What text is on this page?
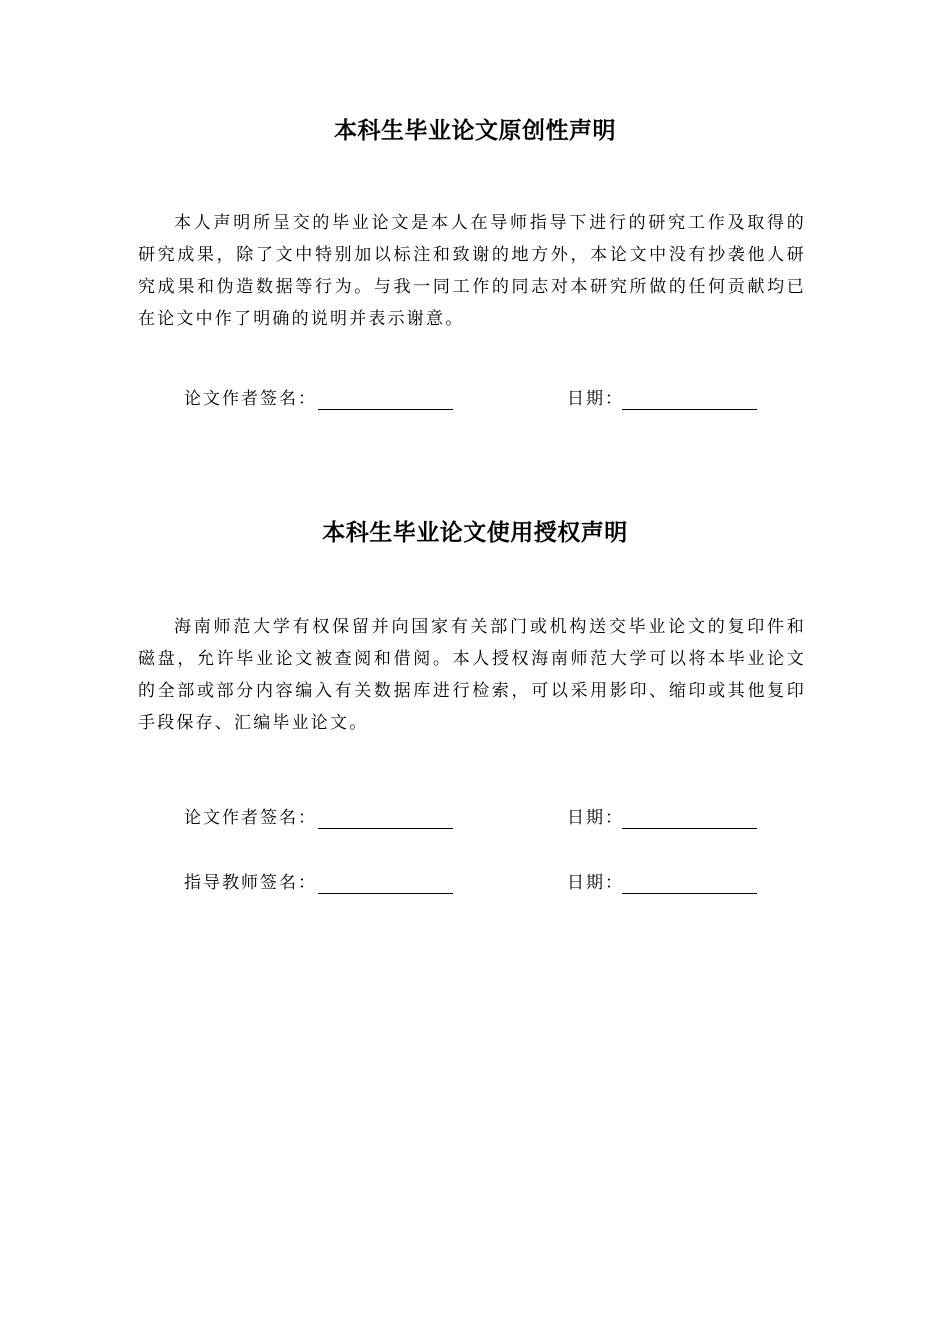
本科生毕业论文原创性声明
本人声明所呈交的毕业论文是本人在导师指导下进行的研究工作及取得的研究成果，除了文中特别加以标注和致谢的地方外，本论文中没有抄袭他人研究成果和伪造数据等行为。与我一同工作的同志对本研究所做的任何贡献均已在论文中作了明确的说明并表示谢意。
论文作者签名：	日期：
本科生毕业论文使用授权声明
海南师范大学有权保留并向国家有关部门或机构送交毕业论文的复印件和磁盘，允许毕业论文被查阅和借阅。本人授权海南师范大学可以将本毕业论文的全部或部分内容编入有关数据库进行检索，可以采用影印、缩印或其他复印手段保存、汇编毕业论文。
论文作者签名：	日期：
指导教师签名：	日期：
